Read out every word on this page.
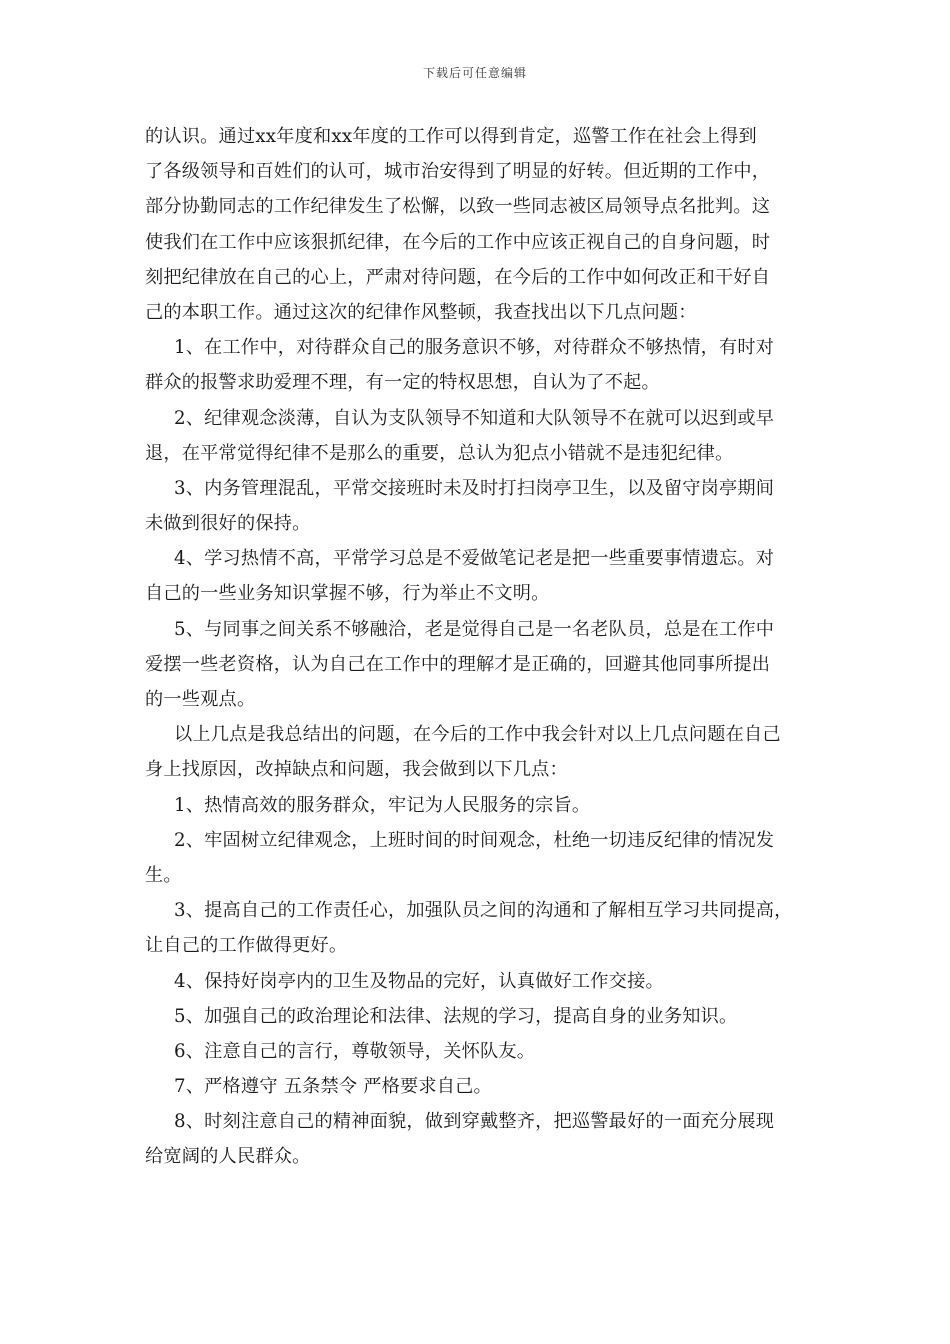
下载后可任意编辑
的认识。通过xx年度和xx年度的工作可以得到肯定，巡警工作在社会上得到
了各级领导和百姓们的认可，城市治安得到了明显的好转。但近期的工作中，
部分协勤同志的工作纪律发生了松懈，以致一些同志被区局领导点名批判。这
使我们在工作中应该狠抓纪律，在今后的工作中应该正视自己的自身问题，时
刻把纪律放在自己的心上，严肃对待问题，在今后的工作中如何改正和干好自
己的本职工作。通过这次的纪律作风整顿，我查找出以下几点问题：
1、在工作中，对待群众自己的服务意识不够，对待群众不够热情，有时对
群众的报警求助爱理不理，有一定的特权思想，自认为了不起。
2、纪律观念淡薄，自认为支队领导不知道和大队领导不在就可以迟到或早
退，在平常觉得纪律不是那么的重要，总认为犯点小错就不是违犯纪律。
3、内务管理混乱，平常交接班时未及时打扫岗亭卫生，以及留守岗亭期间
未做到很好的保持。
4、学习热情不高，平常学习总是不爱做笔记老是把一些重要事情遗忘。对
自己的一些业务知识掌握不够，行为举止不文明。
5、与同事之间关系不够融洽，老是觉得自己是一名老队员，总是在工作中
爱摆一些老资格，认为自己在工作中的理解才是正确的，回避其他同事所提出
的一些观点。
以上几点是我总结出的问题，在今后的工作中我会针对以上几点问题在自己
身上找原因，改掉缺点和问题，我会做到以下几点：
1、热情高效的服务群众，牢记为人民服务的宗旨。
2、牢固树立纪律观念，上班时间的时间观念，杜绝一切违反纪律的情况发
生。
3、提高自己的工作责任心，加强队员之间的沟通和了解相互学习共同提高，
让自己的工作做得更好。
4、保持好岗亭内的卫生及物品的完好，认真做好工作交接。
5、加强自己的政治理论和法律、法规的学习，提高自身的业务知识。
6、注意自己的言行，尊敬领导，关怀队友。
7、严格遵守 五条禁令 严格要求自己。
8、时刻注意自己的精神面貌，做到穿戴整齐，把巡警最好的一面充分展现
给宽阔的人民群众。
